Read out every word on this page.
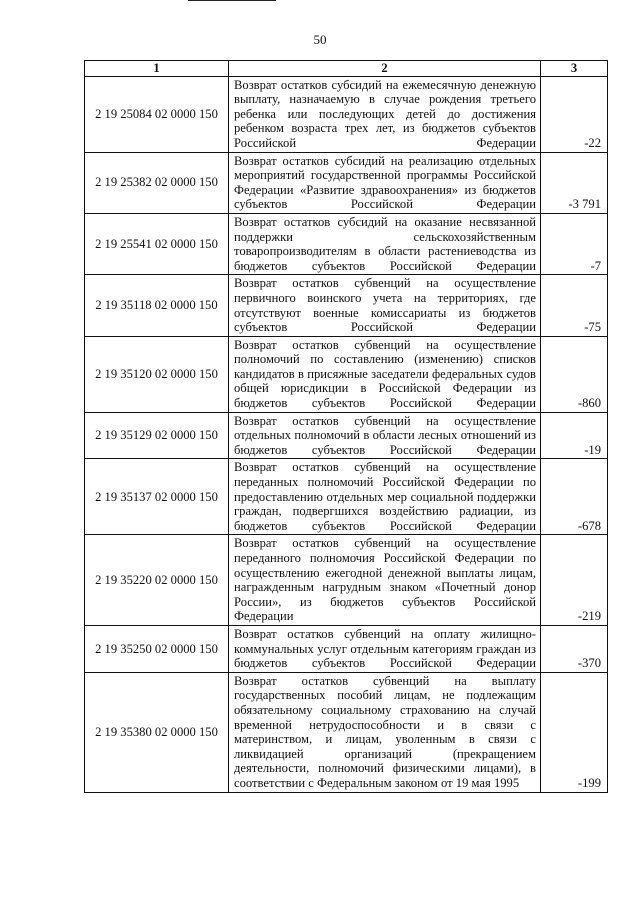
50
1	2	3
2 19 25084 02 0000 150	Возврат остатков субсидий на ежемесячную денежную выплату, назначаемую в случае рождения третьего ребенка или последующих детей до достижения ребенком возраста трех лет, из бюджетов субъектов Российской Федерации	-22
2 19 25382 02 0000 150	Возврат остатков субсидий на реализацию отдельных мероприятий государственной программы Российской Федерации «Развитие здравоохранения» из бюджетов субъектов Российской Федерации	-3 791
2 19 25541 02 0000 150	Возврат остатков субсидий на оказание несвязанной поддержки сельскохозяйственным товаропроизводителям в области растениеводства из бюджетов субъектов Российской Федерации	-7
2 19 35118 02 0000 150	Возврат остатков субвенций на осуществление первичного воинского учета на территориях, где отсутствуют военные комиссариаты из бюджетов субъектов Российской Федерации	-75
2 19 35120 02 0000 150	Возврат остатков субвенций на осуществление полномочий по составлению (изменению) списков кандидатов в присяжные заседатели федеральных судов общей юрисдикции в Российской Федерации из бюджетов субъектов Российской Федерации	-860
2 19 35129 02 0000 150	Возврат остатков субвенций на осуществление отдельных полномочий в области лесных отношений из бюджетов субъектов Российской Федерации	-19
2 19 35137 02 0000 150	Возврат остатков субвенций на осуществление переданных полномочий Российской Федерации по предоставлению отдельных мер социальной поддержки граждан, подвергшихся воздействию радиации, из бюджетов субъектов Российской Федерации	-678
2 19 35220 02 0000 150	Возврат остатков субвенций на осуществление переданного полномочия Российской Федерации по осуществлению ежегодной денежной выплаты лицам, награжденным нагрудным знаком «Почетный донор России», из бюджетов субъектов Российской Федерации	-219
2 19 35250 02 0000 150	Возврат остатков субвенций на оплату жилищно-коммунальных услуг отдельным категориям граждан из бюджетов субъектов Российской Федерации	-370
2 19 35380 02 0000 150	Возврат остатков субвенций на выплату государственных пособий лицам, не подлежащим обязательному социальному страхованию на случай временной нетрудоспособности и в связи с материнством, и лицам, уволенным в связи с ликвидацией организаций (прекращением деятельности, полномочий физическими лицами), в соответствии с Федеральным законом от 19 мая 1995	-199
